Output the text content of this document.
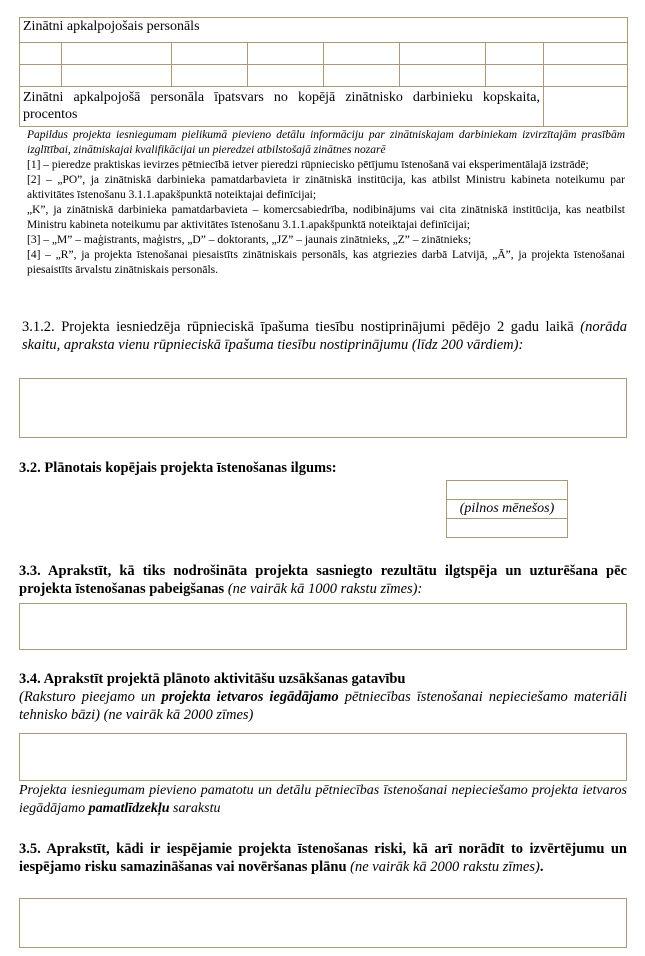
Zinātni apkalpojošais personāls							

Zinātni apkalpojošā personāla īpatsvars no kopējā zinātnisko darbinieku kopskaita, procentos							

Papildus projekta iesniegumam pielikumā pievieno detālu informāciju par zinātniskajam darbiniekam izvirzītajām prasībām izglītībai, zinātniskajai kvalifikācijai un pieredzei atbilstošajā zinātnes nozarē

[1] – pieredze praktiskas ievirzes pētniecībā ietver pieredzi rūpniecisko pētījumu īstenošanā vai eksperimentālajā izstrādē;

[2] – „PO”, ja zinātniskā darbinieka pamatdarbavieta ir zinātniskā institūcija, kas atbilst Ministru kabineta noteikumu par aktivitātes īstenošanu 3.1.1.apakšpunktā noteiktajai definīcijai;

„K”, ja zinātniskā darbinieka pamatdarbavieta – komercsabiedrība, nodibinājums vai cita zinātniskā institūcija, kas neatbilst Ministru kabineta noteikumu par aktivitātes īstenošanu 3.1.1.apakšpunktā noteiktajai definīcijai;

[3] – „M” – maģistrants, maģistrs, „D” – doktorants, „JZ” – jaunais zinātnieks, „Z” – zinātnieks;

[4] – „R”, ja projekta īstenošanai piesaistīts zinātniskais personāls, kas atgriezies darbā Latvijā, „Ā”, ja projekta īstenošanai piesaistīts ārvalstu zinātniskais personāls.

3.1.2. Projekta iesniedzēja rūpnieciskā īpašuma tiesību nostiprinājumi pēdējo 2 gadu laikā (norāda skaitu, apraksta vienu rūpnieciskā īpašuma tiesību nostiprinājumu (līdz 200 vārdiem):
3.2. Plānotais kopējais projekta īstenošanas ilgums:

(pilnos mēnešos)

3.3. Aprakstīt, kā tiks nodrošināta projekta sasniegto rezultātu ilgtspēja un uzturēšana pēc projekta īstenošanas pabeigšanas (ne vairāk kā 1000 rakstu zīmes):
3.4. Aprakstīt projektā plānoto aktivitāšu uzsākšanas gatavību
(Raksturo pieejamo un projekta ietvaros iegādājamo pētniecības īstenošanai nepieciešamo materiāli tehnisko bāzi) (ne vairāk kā 2000 zīmes)
Projekta iesniegumam pievieno pamatotu un detālu pētniecības īstenošanai nepieciešamo projekta ietvaros iegādājamo pamatlīdzekļu sarakstu
3.5. Aprakstīt, kādi ir iespējamie projekta īstenošanas riski, kā arī norādīt to izvērtējumu un iespējamo risku samazināšanas vai novēršanas plānu (ne vairāk kā 2000 rakstu zīmes).
